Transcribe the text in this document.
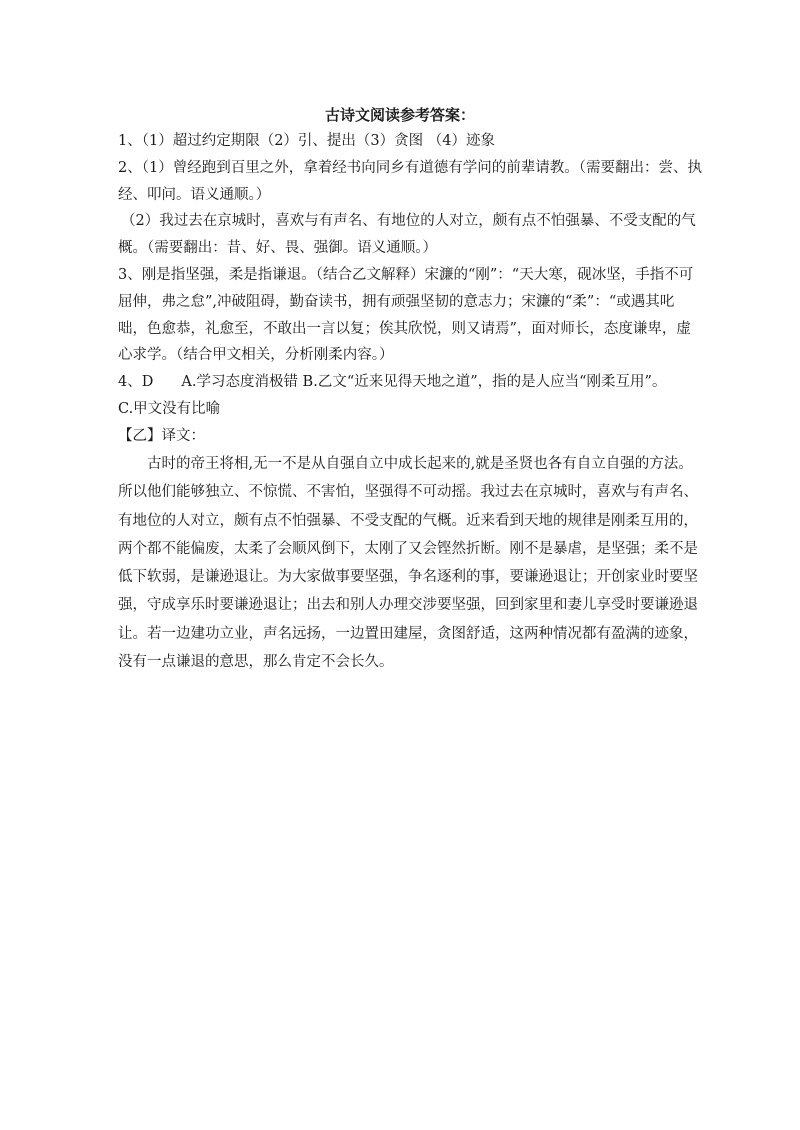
古诗文阅读参考答案：
1、（1）超过约定期限（2）引、提出（3）贪图 （4）迹象
2、（1）曾经跑到百里之外，拿着经书向同乡有道德有学问的前辈请教。（需要翻出：尝、执
经、叩问。语义通顺。）
（2）我过去在京城时，喜欢与有声名、有地位的人对立，颇有点不怕强暴、不受支配的气
概。（需要翻出：昔、好、畏、强御。语义通顺。）
3、刚是指坚强，柔是指谦退。（结合乙文解释）宋濂的“刚”：“天大寒，砚冰坚，手指不可
屈伸，弗之怠”,冲破阻碍，勤奋读书，拥有顽强坚韧的意志力；宋濂的“柔”：“或遇其叱
咄，色愈恭，礼愈至，不敢出一言以复；俟其欣悦，则又请焉”，面对师长，态度谦卑，虚
心求学。（结合甲文相关，分析刚柔内容。）
4、D A.学习态度消极错 B.乙文“近来见得天地之道”，指的是人应当“刚柔互用”。
C.甲文没有比喻
【乙】译文：
古时的帝王将相,无一不是从自强自立中成长起来的,就是圣贤也各有自立自强的方法。
所以他们能够独立、不惊慌、不害怕，坚强得不可动摇。我过去在京城时，喜欢与有声名、
有地位的人对立，颇有点不怕强暴、不受支配的气概。近来看到天地的规律是刚柔互用的，
两个都不能偏废，太柔了会顺风倒下，太刚了又会铿然折断。刚不是暴虐，是坚强；柔不是
低下软弱，是谦逊退让。为大家做事要坚强，争名逐利的事，要谦逊退让；开创家业时要坚
强，守成享乐时要谦逊退让；出去和别人办理交涉要坚强，回到家里和妻儿享受时要谦逊退
让。若一边建功立业，声名远扬，一边置田建屋，贪图舒适，这两种情况都有盈满的迹象，
没有一点谦退的意思，那么肯定不会长久。
